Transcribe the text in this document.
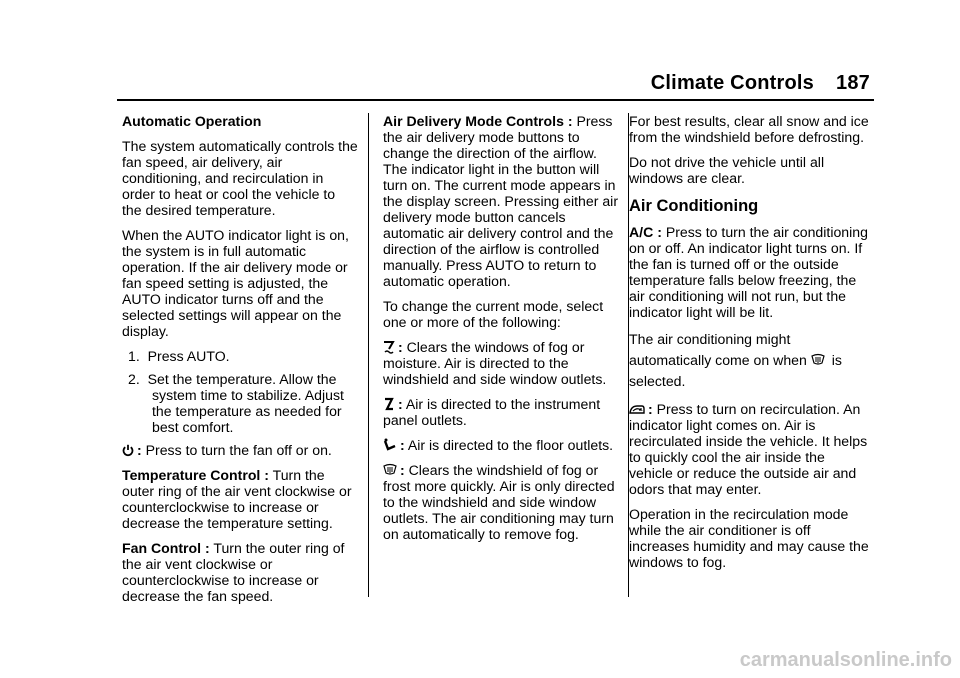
Climate Controls 187

Automatic Operation

The system automatically controls the fan speed, air delivery, air conditioning, and recirculation in order to heat or cool the vehicle to the desired temperature.

When the AUTO indicator light is on, the system is in full automatic operation. If the air delivery mode or fan speed setting is adjusted, the AUTO indicator turns off and the selected settings will appear on the display.

1. Press AUTO.

2. Set the temperature. Allow the system time to stabilize. Adjust the temperature as needed for best comfort.

: Press to turn the fan off or on.

Temperature Control : Turn the outer ring of the air vent clockwise or counterclockwise to increase or decrease the temperature setting.

Fan Control : Turn the outer ring of the air vent clockwise or counterclockwise to increase or decrease the fan speed.

Air Delivery Mode Controls : Press the air delivery mode buttons to change the direction of the airflow. The indicator light in the button will turn on. The current mode appears in the display screen. Pressing either air delivery mode button cancels automatic air delivery control and the direction of the airflow is controlled manually. Press AUTO to return to automatic operation.

To change the current mode, select one or more of the following:

: Clears the windows of fog or moisture. Air is directed to the windshield and side window outlets.

: Air is directed to the instrument panel outlets.

: Air is directed to the floor outlets.

: Clears the windshield of fog or frost more quickly. Air is only directed to the windshield and side window outlets. The air conditioning may turn on automatically to remove fog.

For best results, clear all snow and ice from the windshield before defrosting.

Do not drive the vehicle until all windows are clear.

Air Conditioning

A/C : Press to turn the air conditioning on or off. An indicator light turns on. If the fan is turned off or the outside temperature falls below freezing, the air conditioning will not run, but the indicator light will be lit.

The air conditioning might automatically come on when is selected.

: Press to turn on recirculation. An indicator light comes on. Air is recirculated inside the vehicle. It helps to quickly cool the air inside the vehicle or reduce the outside air and odors that may enter.

Operation in the recirculation mode while the air conditioner is off increases humidity and may cause the windows to fog.

carmanualsonline.info
